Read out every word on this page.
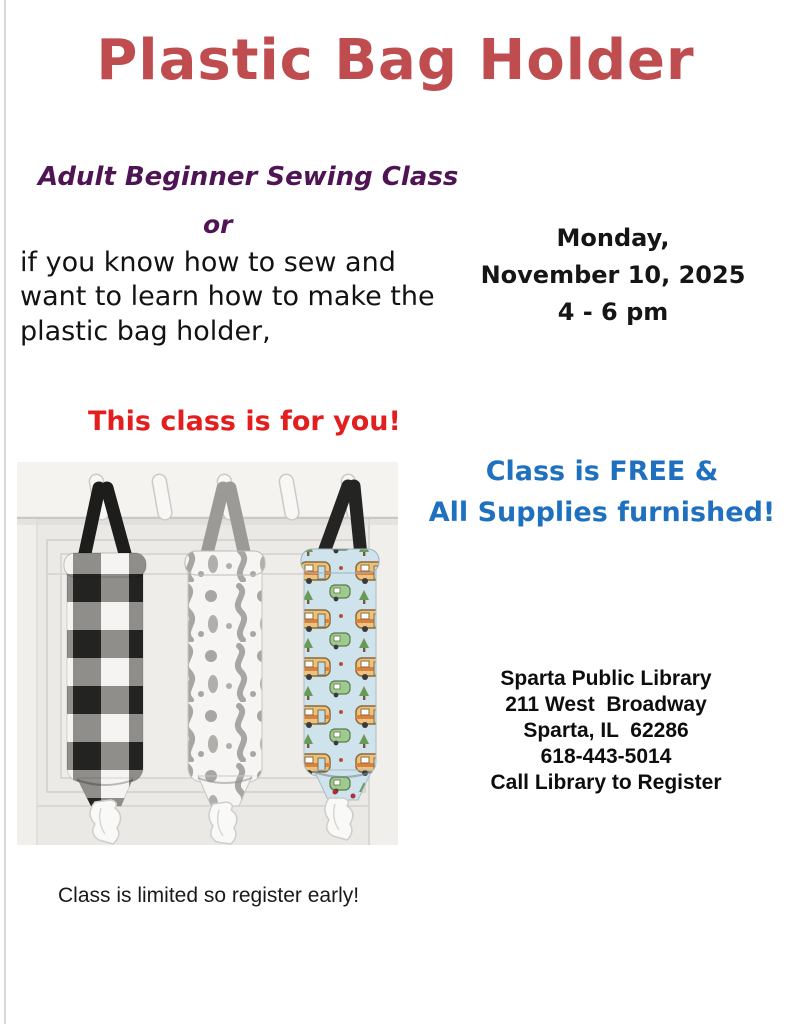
Plastic Bag Holder
Adult Beginner Sewing Class
or
if you know how to sew and want to learn how to make the plastic bag holder,
Monday,
November 10, 2025
4 - 6 pm
This class is for you!
Class is FREE &
All Supplies furnished!
Sparta Public Library
211 West  Broadway
Sparta, IL  62286
618-443-5014
Call Library to Register
Class is limited so register early!
